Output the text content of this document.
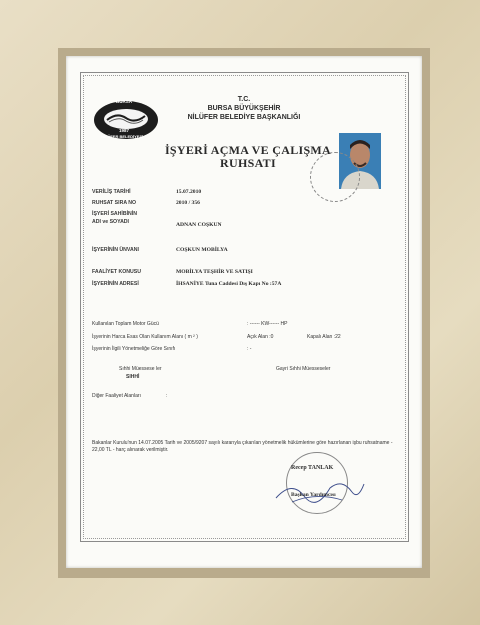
BURSA
1987
NİLÜFER BELEDİYESİ
T.C.
BURSA BÜYÜKŞEHİR
NİLÜFER BELEDİYE BAŞKANLIĞI
İŞYERİ AÇMA VE ÇALIŞMA
RUHSATI
VERİLİŞ TARİHİ	15.07.2010
RUHSAT SIRA NO	2010 / 356
İŞYERİ SAHİBİNİN
ADI ve SOYADI	ADNAN COŞKUN
İŞYERİNİN ÜNVANI	COŞKUN MOBİLYA
FAALİYET KONUSU	MOBİLYA TEŞHİR VE SATIŞI
İŞYERİNİN ADRESİ	İHSANİYE Tuna Caddesi Dış Kapı No :57A
Kullanılan Toplam Motor Gücü	: ------ KW------ HP
İşyerinin Harca Esas Olan Kullanım Alanı ( m ² )	Açık Alan :0	Kapalı Alan :22
İşyerinin İlgili Yönetmeliğe Göre Sınıfı	: -
Sıhhi Müessese ler
SIHHİ
Gayri Sıhhi Müesseseler
Diğer Faaliyet Alanları	:
Bakanlar Kurulu'nun 14.07.2005 Tarih ve 2005/9207 sayılı kararıyla çıkarılan yönetmelik hükümlerine göre hazırlanan işbu ruhsatname - 22,00 TL - harç alınarak verilmiştir.
Recep TANLAK
Başkan Yardımcısı
